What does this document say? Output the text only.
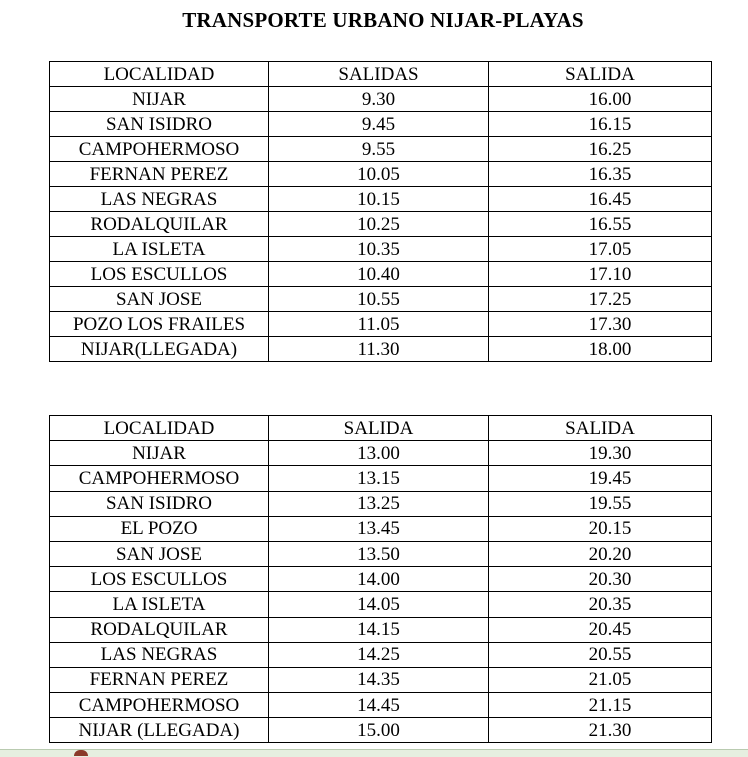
TRANSPORTE URBANO NIJAR-PLAYAS
LOCALIDAD	SALIDAS	SALIDA
NIJAR	9.30	16.00
SAN ISIDRO	9.45	16.15
CAMPOHERMOSO	9.55	16.25
FERNAN PEREZ	10.05	16.35
LAS NEGRAS	10.15	16.45
RODALQUILAR	10.25	16.55
LA ISLETA	10.35	17.05
LOS ESCULLOS	10.40	17.10
SAN JOSE	10.55	17.25
POZO LOS FRAILES	11.05	17.30
NIJAR(LLEGADA)	11.30	18.00
LOCALIDAD	SALIDA	SALIDA
NIJAR	13.00	19.30
CAMPOHERMOSO	13.15	19.45
SAN ISIDRO	13.25	19.55
EL POZO	13.45	20.15
SAN JOSE	13.50	20.20
LOS ESCULLOS	14.00	20.30
LA ISLETA	14.05	20.35
RODALQUILAR	14.15	20.45
LAS NEGRAS	14.25	20.55
FERNAN PEREZ	14.35	21.05
CAMPOHERMOSO	14.45	21.15
NIJAR (LLEGADA)	15.00	21.30
